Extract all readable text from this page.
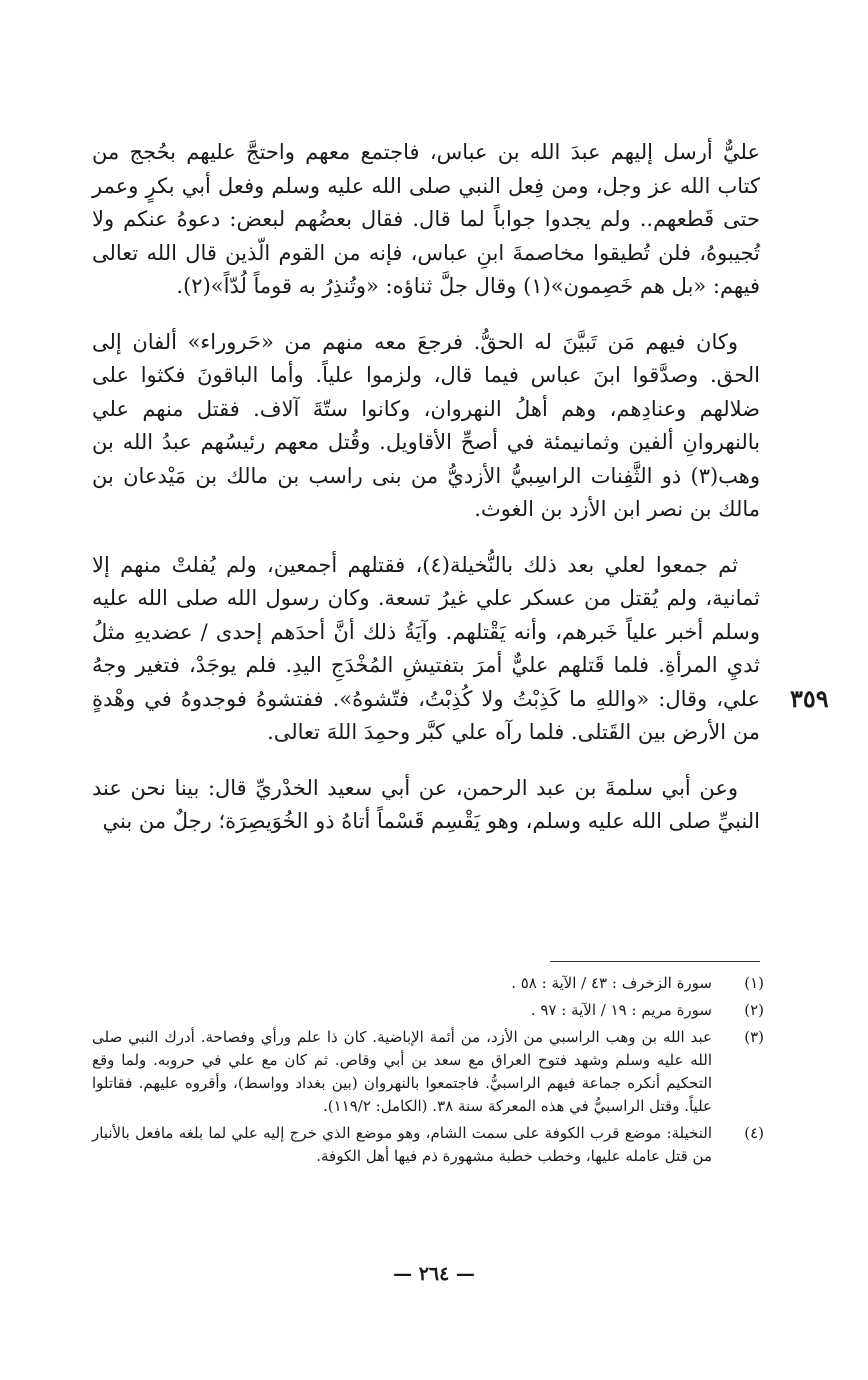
عليٌّ أرسل إليهم عبدَ الله بن عباس، فاجتمع معهم واحتجَّ عليهم بحُجج من كتاب الله عز وجل، ومن فِعل النبي صلى الله عليه وسلم وفعل أبي بكرٍ وعمر حتى قَطعهم.. ولم يجدوا جواباً لما قال. فقال بعضُهم لبعض: دعوهُ عنكم ولا تُجيبوهُ، فلن تُطيقوا مخاصمةَ ابنِ عباس، فإنه من القوم الّذين قال الله تعالى فيهم: «بل هم خَصِمون»(١) وقال جلَّ ثناؤه: «وتُنذِرُ به قوماً لُدّاً»(٢).

وكان فيهم مَن تَبيَّنَ له الحقُّ. فرجعَ معه منهم من «حَروراء» ألفان إلى الحق. وصدَّقوا ابنَ عباس فيما قال، ولزموا علياً. وأما الباقونَ فكثوا على ضلالهم وعنادِهم، وهم أهلُ النهروان، وكانوا ستّةَ آلاف. فقتل منهم علي بالنهروانِ ألفين وثمانيمئة في أصحِّ الأقاويل. وقُتل معهم رئيسُهم عبدُ الله بن وهب(٣) ذو الثَّفِنات الراسِبيُّ الأزديُّ من بنى راسب بن مالك بن مَيْدعان بن مالك بن نصر ابن الأزد بن الغوث.

ثم جمعوا لعلي بعد ذلك بالنُّخيلة(٤)، فقتلهم أجمعين، ولم يُفلتْ منهم إلا ثمانية، ولم يُقتل من عسكر علي غيرُ تسعة. وكان رسول الله صلى الله عليه وسلم أخبر علياً خَبرهم، وأنه يَقْتلهم. وآيَةُ ذلك أنَّ أحدَهم إحدى / عضديهِ مثلُ ثديِ المرأةِ. فلما قَتلهم عليٌّ أمرَ بتفتيشِ المُخْدَجِ اليدِ. فلم يوجَدْ، فتغير وجهُ علي، وقال: «واللهِ ما كَذِبْتُ ولا كُذِبْتُ، فتّشوهُ». ففتشوهُ فوجدوهُ في وهْدةٍ من الأرض بين القَتلى. فلما رآه علي كبَّر وحمِدَ اللهَ تعالى.

وعن أبي سلمةَ بن عبد الرحمن، عن أبي سعيد الخدْريِّ قال: بينا نحن عند النبيِّ صلى الله عليه وسلم، وهو يَقْسِم قَسْماً أتاهُ ذو الخُوَيصِرَة؛ رجلٌ من بني

٣٥٩
(١)
سورة الزخرف : ٤٣ / الآية : ٥٨ .
(٢)
سورة مريم : ١٩ / الآية : ٩٧ .
(٣)
عبد الله بن وهب الراسبي من الأزد، من أئمة الإباضية. كان ذا علم ورأي وفصاحة. أدرك النبي صلى الله عليه وسلم وشهد فتوح العراق مع سعد بن أبي وقاص. ثم كان مع علي في حروبه. ولما وقع التحكيم أنكره جماعة فيهم الراسبيُّ. فاجتمعوا بالنهروان (بين بغداد وواسط)، وأقروه عليهم. فقاتلوا علياً. وقتل الراسبيُّ في هذه المعركة سنة ٣٨. (الكامل: ١١٩/٢).
(٤)
النخيلة: موضع قرب الكوفة على سمت الشام، وهو موضع الذي خرج إليه علي لما بلغه مافعل بالأنبار من قتل عامله عليها، وخطب خطبة مشهورة ذم فيها أهل الكوفة.
— ٢٦٤ —
